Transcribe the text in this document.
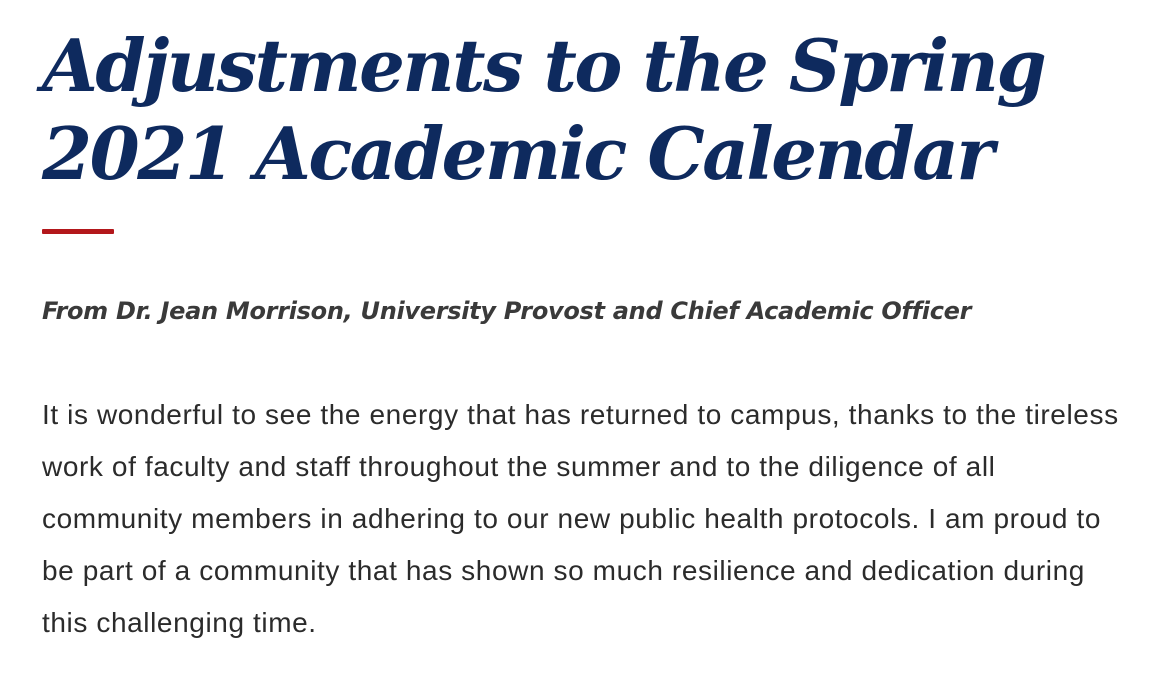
Adjustments to the Spring
2021 Academic Calendar

From Dr. Jean Morrison, University Provost and Chief Academic Officer

It is wonderful to see the energy that has returned to campus, thanks to the tireless work of faculty and staff throughout the summer and to the diligence of all community members in adhering to our new public health protocols. I am proud to be part of a community that has shown so much resilience and dedication during this challenging time.
